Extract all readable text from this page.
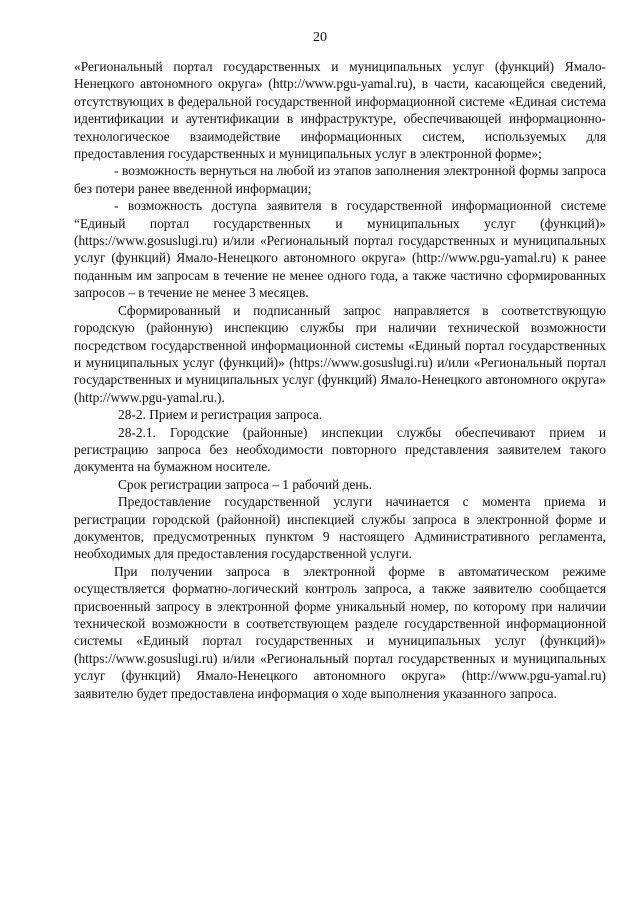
20

«Региональный портал государственных и муниципальных услуг (функций) Ямало-Ненецкого автономного округа» (http://www.pgu-yamal.ru), в части, касающейся сведений, отсутствующих в федеральной государственной информационной системе «Единая система идентификации и аутентификации в инфраструктуре, обеспечивающей информационно-технологическое взаимодействие информационных систем, используемых для предоставления государственных и муниципальных услуг в электронной форме»;

- возможность вернуться на любой из этапов заполнения электронной формы запроса без потери ранее введенной информации;

- возможность доступа заявителя в государственной информационной системе “Единый портал государственных и муниципальных услуг (функций)» (https://www.gosuslugi.ru) и/или «Региональный портал государственных и муниципальных услуг (функций) Ямало-Ненецкого автономного округа» (http://www.pgu-yamal.ru) к ранее поданным им запросам в течение не менее одного года, а также частично сформированных запросов – в течение не менее 3 месяцев.

Сформированный и подписанный запрос направляется в соответствующую городскую (районную) инспекцию службы при наличии технической возможности посредством государственной информационной системы «Единый портал государственных и муниципальных услуг (функций)» (https://www.gosuslugi.ru) и/или «Региональный портал государственных и муниципальных услуг (функций) Ямало-Ненецкого автономного округа» (http://www.pgu-yamal.ru.).

28-2. Прием и регистрация запроса.

28-2.1. Городские (районные) инспекции службы обеспечивают прием и регистрацию запроса без необходимости повторного представления заявителем такого документа на бумажном носителе.

Срок регистрации запроса – 1 рабочий день.

Предоставление государственной услуги начинается с момента приема и регистрации городской (районной) инспекцией службы запроса в электронной форме и документов, предусмотренных пунктом 9 настоящего Административного регламента, необходимых для предоставления государственной услуги.

При получении запроса в электронной форме в автоматическом режиме осуществляется форматно-логический контроль запроса, а также заявителю сообщается присвоенный запросу в электронной форме уникальный номер, по которому при наличии технической возможности в соответствующем разделе государственной информационной системы «Единый портал государственных и муниципальных услуг (функций)» (https://www.gosuslugi.ru) и/или «Региональный портал государственных и муниципальных услуг (функций) Ямало-Ненецкого автономного округа» (http://www.pgu-yamal.ru) заявителю будет предоставлена информация о ходе выполнения указанного запроса.
